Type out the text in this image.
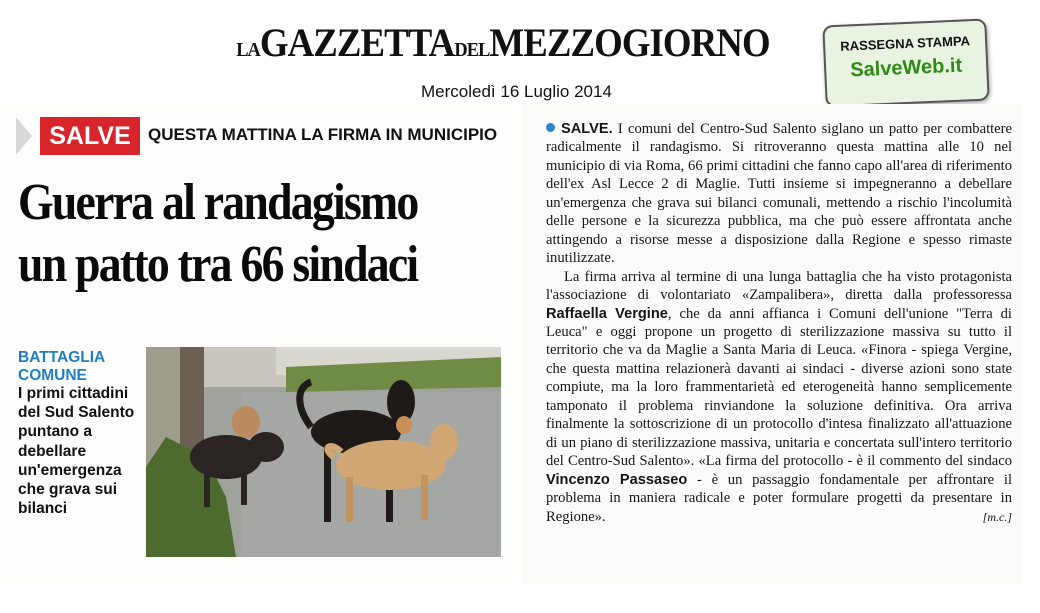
LAGAZZETTADELMEZZOGIORNO
Mercoledì 16 Luglio 2014
RASSEGNA STAMPA
SalveWeb.it
SALVE	QUESTA MATTINA LA FIRMA IN MUNICIPIO
Guerra al randagismo
un patto tra 66 sindaci
BATTAGLIA COMUNE
I primi cittadini del Sud Salento puntano a debellare un'emergenza che grava sui bilanci

SALVE. I comuni del Centro-Sud Salento siglano un patto per combattere radicalmente il randagismo. Si ritroveranno questa mattina alle 10 nel municipio di via Roma, 66 primi cittadini che fanno capo all'area di riferimento dell'ex Asl Lecce 2 di Maglie. Tutti insieme si impegneranno a debellare un'emergenza che grava sui bilanci comunali, mettendo a rischio l'incolumità delle persone e la sicurezza pubblica, ma che può essere affrontata anche attingendo a risorse messe a disposizione dalla Regione e spesso rimaste inutilizzate.

La firma arriva al termine di una lunga battaglia che ha visto protagonista l'associazione di volontariato «Zampalibera», diretta dalla professoressa Raffaella Vergine, che da anni affianca i Comuni dell'unione "Terra di Leuca" e oggi propone un progetto di sterilizzazione massiva su tutto il territorio che va da Maglie a Santa Maria di Leuca. «Finora - spiega Vergine, che questa mattina relazionerà davanti ai sindaci - diverse azioni sono state compiute, ma la loro frammentarietà ed eterogeneità hanno semplicemente tamponato il problema rinviandone la soluzione definitiva. Ora arriva finalmente la sottoscrizione di un protocollo d'intesa finalizzato all'attuazione di un piano di sterilizzazione massiva, unitaria e concertata sull'intero territorio del Centro-Sud Salento». «La firma del protocollo - è il commento del sindaco Vincenzo Passaseo - è un passaggio fondamentale per affrontare il problema in maniera radicale e poter formulare progetti da presentare in Regione».	[m.c.]
